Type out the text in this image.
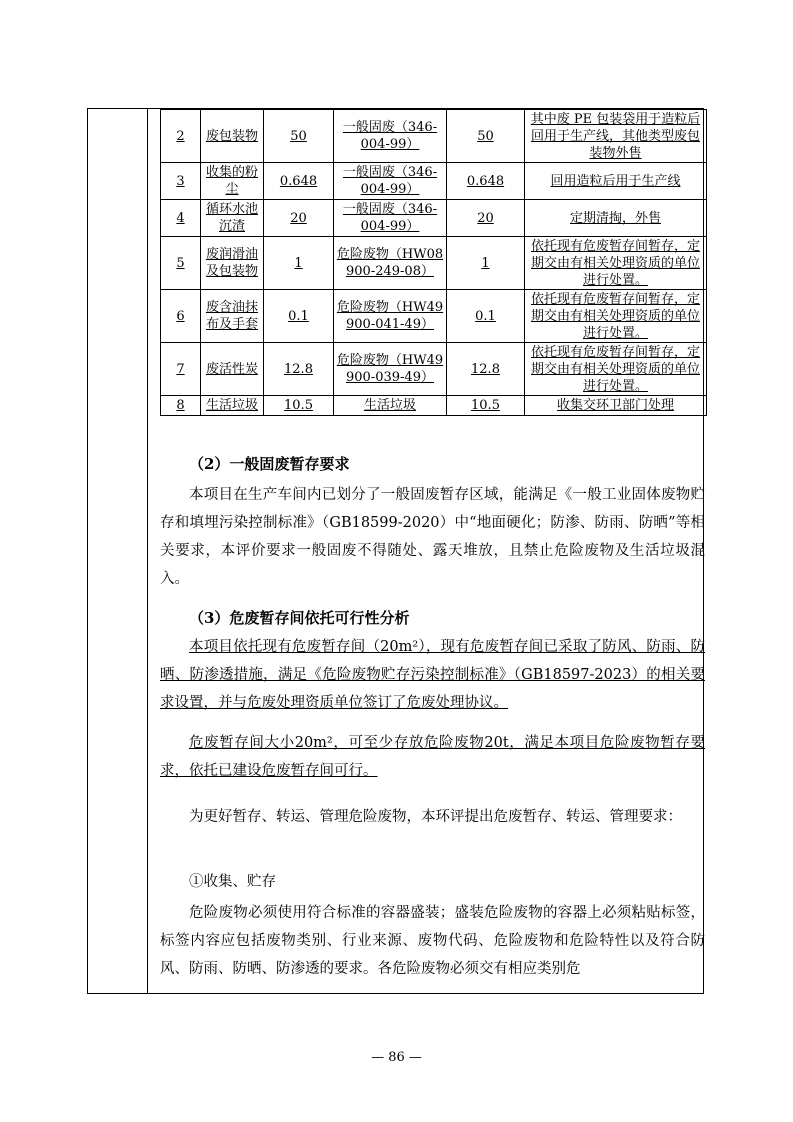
2	废包装物	50	一般固废（346-004-99）	50	其中废 PE 包装袋用于造粒后回用于生产线，其他类型废包装物外售
3	收集的粉尘	0.648	一般固废（346-004-99）	0.648	回用造粒后用于生产线
4	循环水池沉渣	20	一般固废（346-004-99）	20	定期清掏，外售
5	废润滑油及包装物	1	危险废物（HW08 900-249-08）	1	依托现有危废暂存间暂存，定期交由有相关处理资质的单位进行处置。
6	废含油抹布及手套	0.1	危险废物（HW49 900-041-49）	0.1	依托现有危废暂存间暂存，定期交由有相关处理资质的单位进行处置。
7	废活性炭	12.8	危险废物（HW49 900-039-49）	12.8	依托现有危废暂存间暂存，定期交由有相关处理资质的单位进行处置。
8	生活垃圾	10.5	生活垃圾	10.5	收集交环卫部门处理
（2）一般固废暂存要求

本项目在生产车间内已划分了一般固废暂存区域，能满足《一般工业固体废物贮存和填埋污染控制标准》（GB18599-2020）中“地面硬化；防渗、防雨、防晒”等相关要求，本评价要求一般固废不得随处、露天堆放，且禁止危险废物及生活垃圾混入。

（3）危废暂存间依托可行性分析

本项目依托现有危废暂存间（20m²），现有危废暂存间已采取了防风、防雨、防晒、防渗透措施，满足《危险废物贮存污染控制标准》（GB18597-2023）的相关要求设置，并与危废处理资质单位签订了危废处理协议。

危废暂存间大小20m²，可至少存放危险废物20t，满足本项目危险废物暂存要求，依托已建设危废暂存间可行。

为更好暂存、转运、管理危险废物，本环评提出危废暂存、转运、管理要求：

①收集、贮存

危险废物必须使用符合标准的容器盛装；盛装危险废物的容器上必须粘贴标签，标签内容应包括废物类别、行业来源、废物代码、危险废物和危险特性以及符合防风、防雨、防晒、防渗透的要求。各危险废物必须交有相应类别危

— 86 —
